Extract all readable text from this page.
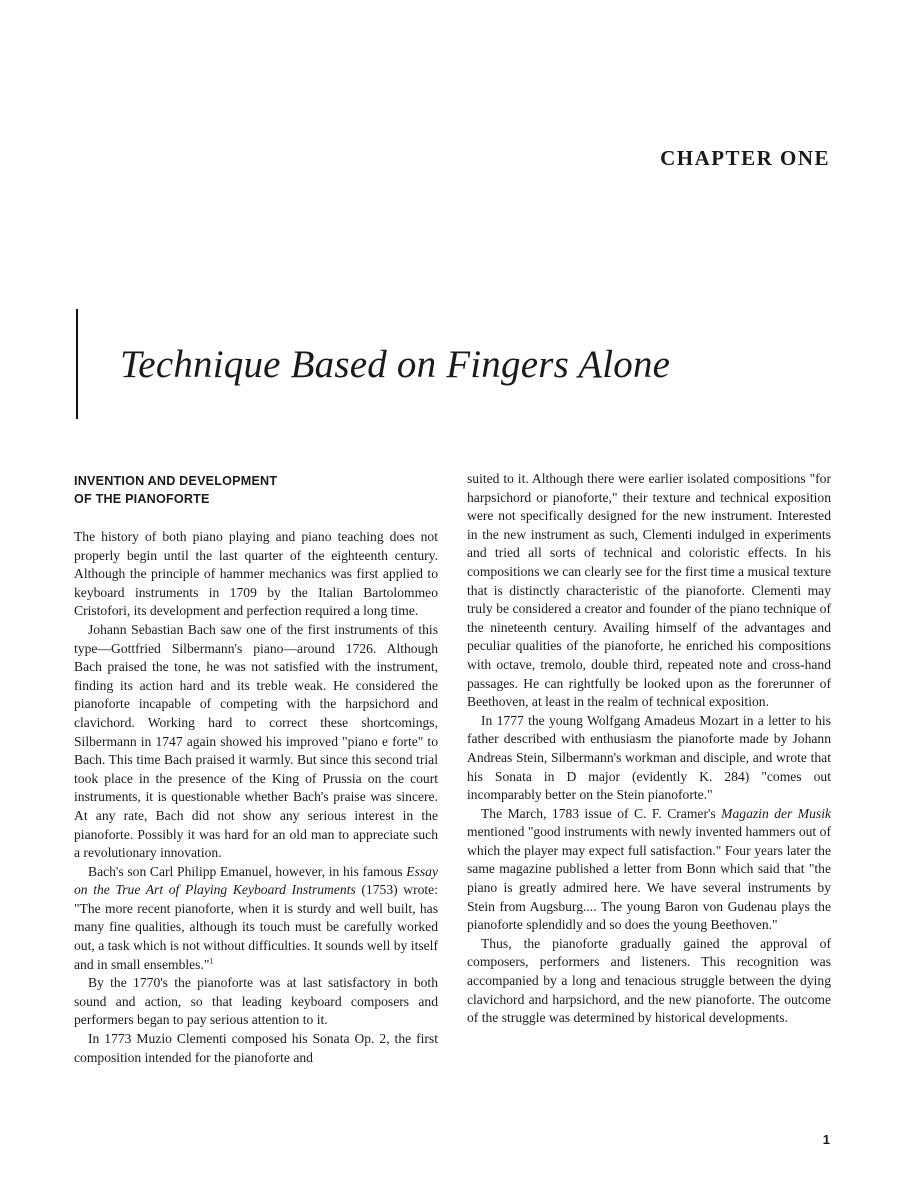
CHAPTER ONE
Technique Based on Fingers Alone
INVENTION AND DEVELOPMENT
OF THE PIANOFORTE

The history of both piano playing and piano teaching does not properly begin until the last quarter of the eighteenth century. Although the principle of hammer mechanics was first applied to keyboard instruments in 1709 by the Italian Bartolommeo Cristofori, its development and perfection required a long time.

Johann Sebastian Bach saw one of the first instruments of this type—Gottfried Silbermann's piano—around 1726. Although Bach praised the tone, he was not satisfied with the instrument, finding its action hard and its treble weak. He considered the pianoforte incapable of competing with the harpsichord and clavichord. Working hard to correct these shortcomings, Silbermann in 1747 again showed his improved "piano e forte" to Bach. This time Bach praised it warmly. But since this second trial took place in the presence of the King of Prussia on the court instruments, it is questionable whether Bach's praise was sincere. At any rate, Bach did not show any serious interest in the pianoforte. Possibly it was hard for an old man to appreciate such a revolutionary innovation.

Bach's son Carl Philipp Emanuel, however, in his famous Essay on the True Art of Playing Keyboard Instruments (1753) wrote: "The more recent pianoforte, when it is sturdy and well built, has many fine qualities, although its touch must be carefully worked out, a task which is not without difficulties. It sounds well by itself and in small ensembles."$^1$

By the 1770's the pianoforte was at last satisfactory in both sound and action, so that leading keyboard composers and performers began to pay serious attention to it.

In 1773 Muzio Clementi composed his Sonata Op. 2, the first composition intended for the pianoforte and

suited to it. Although there were earlier isolated compositions "for harpsichord or pianoforte," their texture and technical exposition were not specifically designed for the new instrument. Interested in the new instrument as such, Clementi indulged in experiments and tried all sorts of technical and coloristic effects. In his compositions we can clearly see for the first time a musical texture that is distinctly characteristic of the pianoforte. Clementi may truly be considered a creator and founder of the piano technique of the nineteenth century. Availing himself of the advantages and peculiar qualities of the pianoforte, he enriched his compositions with octave, tremolo, double third, repeated note and cross-hand passages. He can rightfully be looked upon as the forerunner of Beethoven, at least in the realm of technical exposition.

In 1777 the young Wolfgang Amadeus Mozart in a letter to his father described with enthusiasm the pianoforte made by Johann Andreas Stein, Silbermann's workman and disciple, and wrote that his Sonata in D major (evidently K. 284) "comes out incomparably better on the Stein pianoforte."

The March, 1783 issue of C. F. Cramer's Magazin der Musik mentioned "good instruments with newly invented hammers out of which the player may expect full satisfaction." Four years later the same magazine published a letter from Bonn which said that "the piano is greatly admired here. We have several instruments by Stein from Augsburg.... The young Baron von Gudenau plays the pianoforte splendidly and so does the young Beethoven."

Thus, the pianoforte gradually gained the approval of composers, performers and listeners. This recognition was accompanied by a long and tenacious struggle between the dying clavichord and harpsichord, and the new pianoforte. The outcome of the struggle was determined by historical developments.

1
